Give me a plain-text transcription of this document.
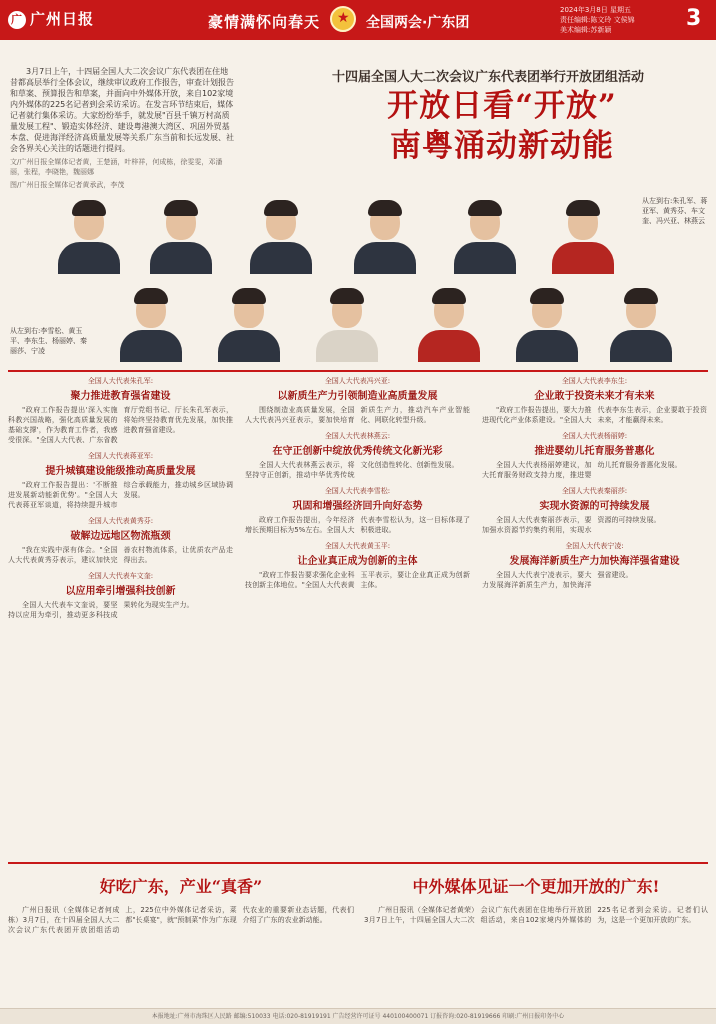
广 广州日报	豪情满怀向春天
★	全国两会·广东团
2024年3月8日 星期五
责任编辑:陈文玲 文侯锦
美术编辑:苏新颖	3

3月7日上午，十四届全国人大二次会议广东代表团在住地昔都高层举行全体会议，继续审议政府工作报告，审查计划报告和草案、预算报告和草案，并面向中外媒体开放，来自102家境内外媒体的225名记者到会采访采访。在发言环节结束后，媒体记者就行集体采访。大家纷纷举手，就发展"百县千镇万村高质量发展工程"、锻造实体经济、建设粤港澳大湾区、巩固外贸基本盘、促进海洋经济高质量发展等关系广东当前和长远发展、社会各界关心关注的话题进行提问。

文/广州日报全媒体记者黄，王楚涵，叶梓祥，何成栋，徐雯雯，邓潘丽，张程，李晓艳，魏丽娜
图/广州日报全媒体记者黄承武，李茂
十四届全国人大二次会议广东代表团举行开放团组活动
开放日看“开放”
南粤涌动新动能
从左到右:朱孔军、蒋亚军、黄秀芬、车文奎、冯兴亚、林燕云
从左到右:李雪松、黄玉平、李东生、杨丽婷、秦丽莎、宁凌
全国人大代表朱孔军:
聚力推进教育强省建设
"政府工作报告提出'深入实施科教兴国战略，强化高质量发展的基础支撑'，作为教育工作者，我感受很深。"全国人大代表、广东省教育厅党组书记、厅长朱孔军表示，将始终坚持教育优先发展，加快推进教育强省建设。
全国人大代表蒋亚军:
提升城镇建设能级推动高质量发展
"政府工作报告提出：'不断推进发展新动能新优势'。"全国人大代表蒋亚军谈道，将持续提升城市综合承载能力，推动城乡区域协调发展。
全国人大代表黄秀芬:
破解边远地区物流瓶颈
"我在实践中深有体会。"全国人大代表黄秀芬表示，建议加快完善农村物流体系，让优质农产品走得出去。
全国人大代表车文奎:
以应用牵引增强科技创新
全国人大代表车文奎说，要坚持以应用为牵引，推动更多科技成果转化为现实生产力。
全国人大代表冯兴亚:
以新质生产力引领制造业高质量发展
围绕制造业高质量发展，全国人大代表冯兴亚表示，要加快培育新质生产力，推动汽车产业智能化、网联化转型升级。
全国人大代表林燕云:
在守正创新中绽放优秀传统文化新光彩
全国人大代表林燕云表示，将坚持守正创新，推动中华优秀传统文化创造性转化、创新性发展。
全国人大代表李雪松:
巩固和增强经济回升向好态势
政府工作报告提出，今年经济增长预期目标为5%左右。全国人大代表李雪松认为，这一目标体现了积极进取。
全国人大代表黄玉平:
让企业真正成为创新的主体
"政府工作报告要求强化企业科技创新主体地位。"全国人大代表黄玉平表示，要让企业真正成为创新主体。
全国人大代表李东生:
企业敢于投资未来才有未来
"政府工作报告提出，要大力推进现代化产业体系建设。"全国人大代表李东生表示，企业要敢于投资未来，才能赢得未来。
全国人大代表杨丽婷:
推进婴幼儿托育服务普惠化
全国人大代表杨丽婷建议，加大托育服务财政支持力度，推进婴幼儿托育服务普惠化发展。
全国人大代表秦丽莎:
实现水资源的可持续发展
全国人大代表秦丽莎表示，要加强水资源节约集约利用，实现水资源的可持续发展。
全国人大代表宁凌:
发展海洋新质生产力加快海洋强省建设
全国人大代表宁凌表示，要大力发展海洋新质生产力，加快海洋强省建设。
好吃广东，产业“真香”
广州日报讯（全媒体记者何成栋）3月7日，在十四届全国人大二次会议广东代表团开放团组活动上，225位中外媒体记者采访，菜都"长桌宴"，就"预制菜"作为广东现代农业的重要新业态话题，代表们介绍了广东的农业新动能。
中外媒体见证一个更加开放的广东!
广州日报讯（全媒体记者黄荣）3月7日上午，十四届全国人大二次会议广东代表团在住地举行开放团组活动，来自102家境内外媒体的225名记者到会采访。记者们认为，这是一个更加开放的广东。
本报地址:广州市海珠区人民路 邮编:510033 电话:020-81919191 广告经营许可证号 440100400071 订报咨询:020-81919666 印刷:广州日报印务中心
